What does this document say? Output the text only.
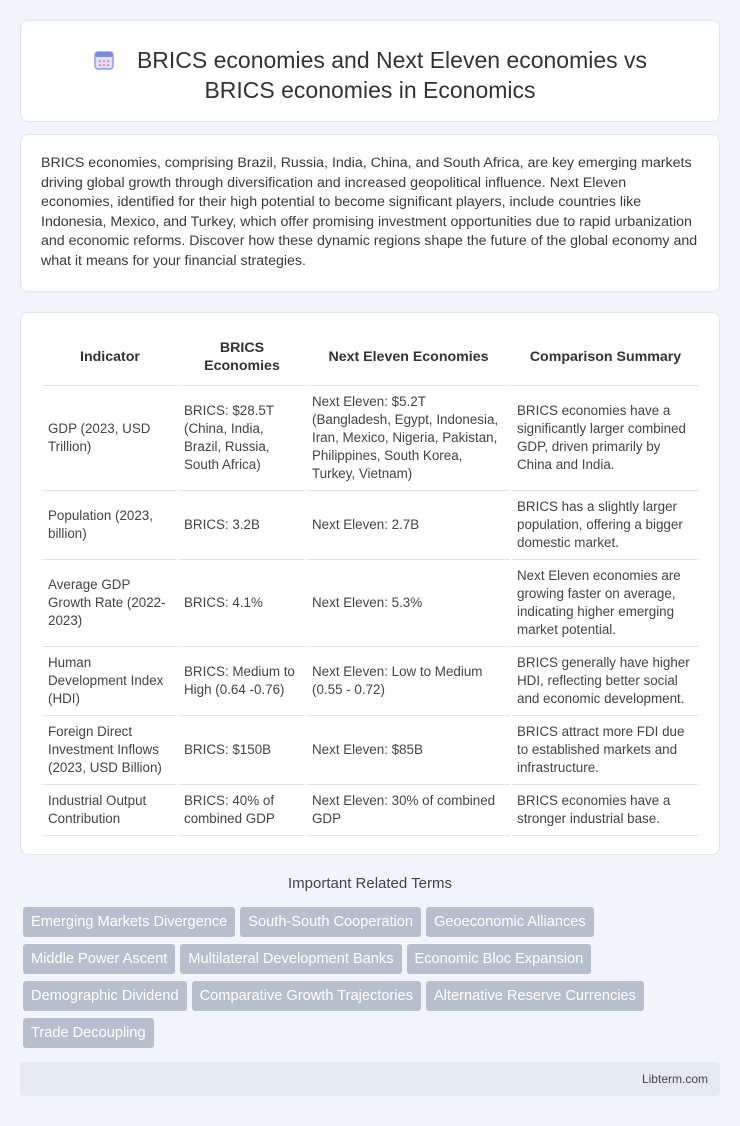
BRICS economies and Next Eleven economies vs BRICS economies in Economics

BRICS economies, comprising Brazil, Russia, India, China, and South Africa, are key emerging markets driving global growth through diversification and increased geopolitical influence. Next Eleven economies, identified for their high potential to become significant players, include countries like Indonesia, Mexico, and Turkey, which offer promising investment opportunities due to rapid urbanization and economic reforms. Discover how these dynamic regions shape the future of the global economy and what it means for your financial strategies.

Indicator	BRICS Economies	Next Eleven Economies	Comparison Summary
GDP (2023, USD Trillion)	BRICS: $28.5T (China, India, Brazil, Russia, South Africa)	Next Eleven: $5.2T (Bangladesh, Egypt, Indonesia, Iran, Mexico, Nigeria, Pakistan, Philippines, South Korea, Turkey, Vietnam)	BRICS economies have a significantly larger combined GDP, driven primarily by China and India.
Population (2023, billion)	BRICS: 3.2B	Next Eleven: 2.7B	BRICS has a slightly larger population, offering a bigger domestic market.
Average GDP Growth Rate (2022-2023)	BRICS: 4.1%	Next Eleven: 5.3%	Next Eleven economies are growing faster on average, indicating higher emerging market potential.
Human Development Index (HDI)	BRICS: Medium to High (0.64 -0.76)	Next Eleven: Low to Medium (0.55 - 0.72)	BRICS generally have higher HDI, reflecting better social and economic development.
Foreign Direct Investment Inflows (2023, USD Billion)	BRICS: $150B	Next Eleven: $85B	BRICS attract more FDI due to established markets and infrastructure.
Industrial Output Contribution	BRICS: 40% of combined GDP	Next Eleven: 30% of combined GDP	BRICS economies have a stronger industrial base.
Important Related Terms
Emerging Markets Divergence South-South Cooperation Geoeconomic AlliancesMiddle Power Ascent Multilateral Development Banks Economic Bloc ExpansionDemographic Dividend Comparative Growth Trajectories Alternative Reserve CurrenciesTrade Decoupling
Libterm.com
